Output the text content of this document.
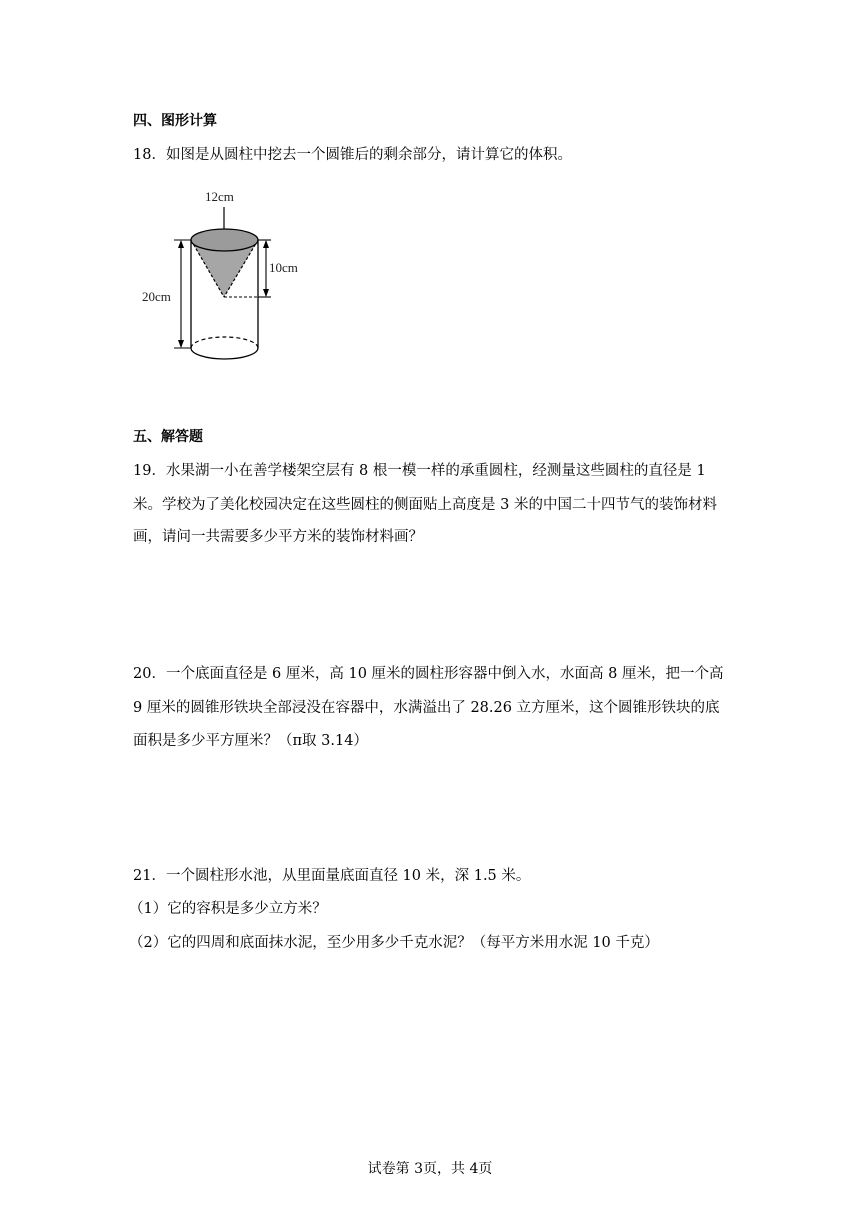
四、图形计算
18．如图是从圆柱中挖去一个圆锥后的剩余部分，请计算它的体积。
12cm
10cm
20cm
五、解答题
19．水果湖一小在善学楼架空层有 8 根一模一样的承重圆柱，经测量这些圆柱的直径是 1
米。学校为了美化校园决定在这些圆柱的侧面贴上高度是 3 米的中国二十四节气的装饰材料
画，请问一共需要多少平方米的装饰材料画？
20．一个底面直径是 6 厘米，高 10 厘米的圆柱形容器中倒入水，水面高 8 厘米，把一个高
9 厘米的圆锥形铁块全部浸没在容器中，水满溢出了 28.26 立方厘米，这个圆锥形铁块的底
面积是多少平方厘米？（π取 3.14）
21．一个圆柱形水池，从里面量底面直径 10 米，深 1.5 米。
（1）它的容积是多少立方米？
（2）它的四周和底面抹水泥，至少用多少千克水泥？（每平方米用水泥 10 千克）
试卷第 3页，共 4页
